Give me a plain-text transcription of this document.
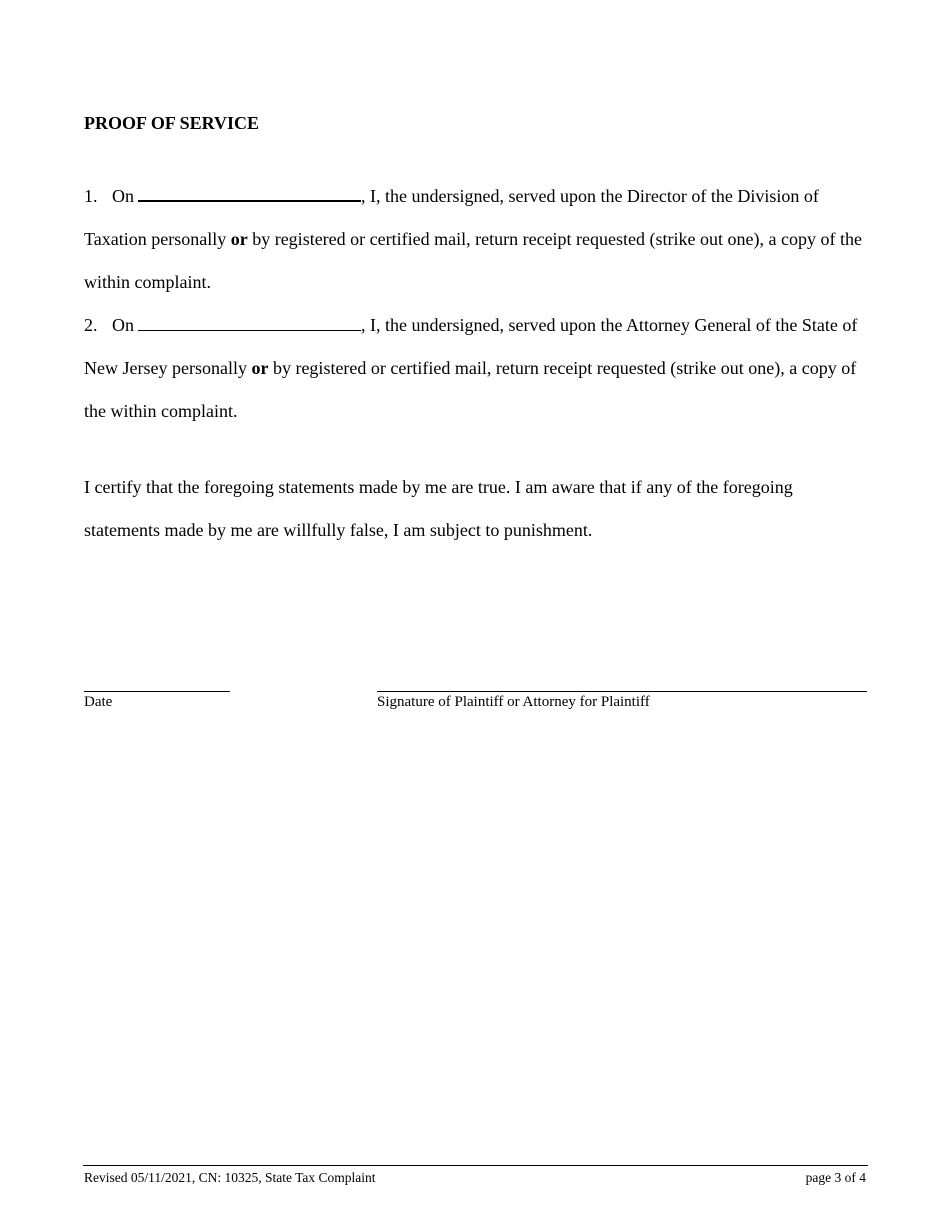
PROOF OF SERVICE

1. On	, I, the undersigned, served upon the Director of the Division of Taxation personally or by registered or certified mail, return receipt requested (strike out one), a copy of the within complaint.

2. On	, I, the undersigned, served upon the Attorney General of the State of New Jersey personally or by registered or certified mail, return receipt requested (strike out one), a copy of the within complaint.

I certify that the foregoing statements made by me are true. I am aware that if any of the foregoing statements made by me are willfully false, I am subject to punishment.

Date	Signature of Plaintiff or Attorney for Plaintiff
Revised 05/11/2021, CN: 10325, State Tax Complaint	page 3 of 4
